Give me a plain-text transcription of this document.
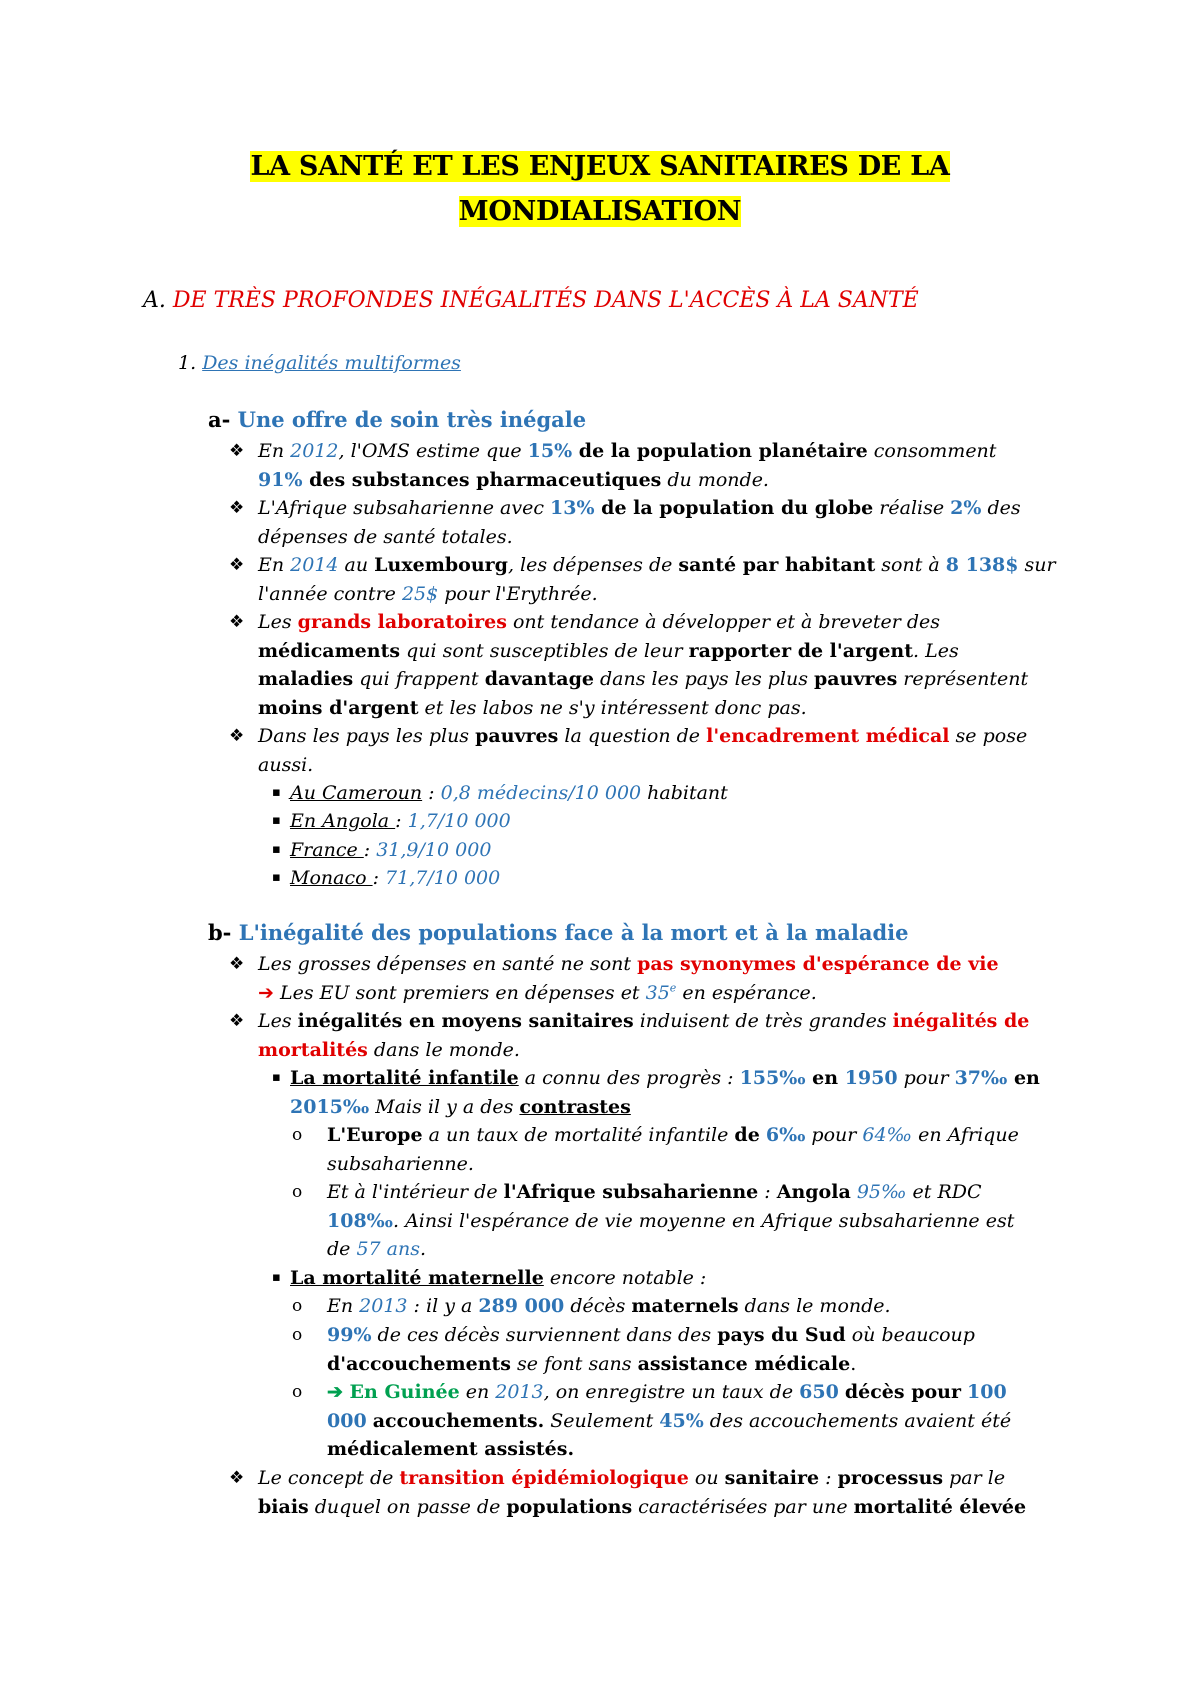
LA SANTÉ ET LES ENJEUX SANITAIRES DE LA
MONDIALISATION
A. DE TRÈS PROFONDES INÉGALITÉS DANS L'ACCÈS À LA SANTÉ
1. Des inégalités multiformes
a- Une offre de soin très inégale
❖ En 2012, l'OMS estime que 15% de la population planétaire consomment
91% des substances pharmaceutiques du monde.
❖ L'Afrique subsaharienne avec 13% de la population du globe réalise 2% des
dépenses de santé totales.
❖ En 2014 au Luxembourg, les dépenses de santé par habitant sont à 8 138$ sur
l'année contre 25$ pour l'Erythrée.
❖ Les grands laboratoires ont tendance à développer et à breveter des
médicaments qui sont susceptibles de leur rapporter de l'argent. Les
maladies qui frappent davantage dans les pays les plus pauvres représentent
moins d'argent et les labos ne s'y intéressent donc pas.
❖ Dans les pays les plus pauvres la question de l'encadrement médical se pose
aussi.
▪ Au Cameroun : 0,8 médecins/10 000 habitant
▪ En Angola : 1,7/10 000
▪ France : 31,9/10 000
▪ Monaco : 71,7/10 000
b- L'inégalité des populations face à la mort et à la maladie
❖ Les grosses dépenses en santé ne sont pas synonymes d'espérance de vie
➔ Les EU sont premiers en dépenses et 35e en espérance.
❖ Les inégalités en moyens sanitaires induisent de très grandes inégalités de
mortalités dans le monde.
▪ La mortalité infantile a connu des progrès : 155‰ en 1950 pour 37‰ en
2015‰ Mais il y a des contrastes
o L'Europe a un taux de mortalité infantile de 6‰ pour 64‰ en Afrique
subsaharienne.
o Et à l'intérieur de l'Afrique subsaharienne : Angola 95‰ et RDC
108‰. Ainsi l'espérance de vie moyenne en Afrique subsaharienne est
de 57 ans.
▪ La mortalité maternelle encore notable :
o En 2013 : il y a 289 000 décès maternels dans le monde.
o 99% de ces décès surviennent dans des pays du Sud où beaucoup
d'accouchements se font sans assistance médicale.
o ➔ En Guinée en 2013, on enregistre un taux de 650 décès pour 100
000 accouchements. Seulement 45% des accouchements avaient été
médicalement assistés.
❖ Le concept de transition épidémiologique ou sanitaire : processus par le
biais duquel on passe de populations caractérisées par une mortalité élevée
